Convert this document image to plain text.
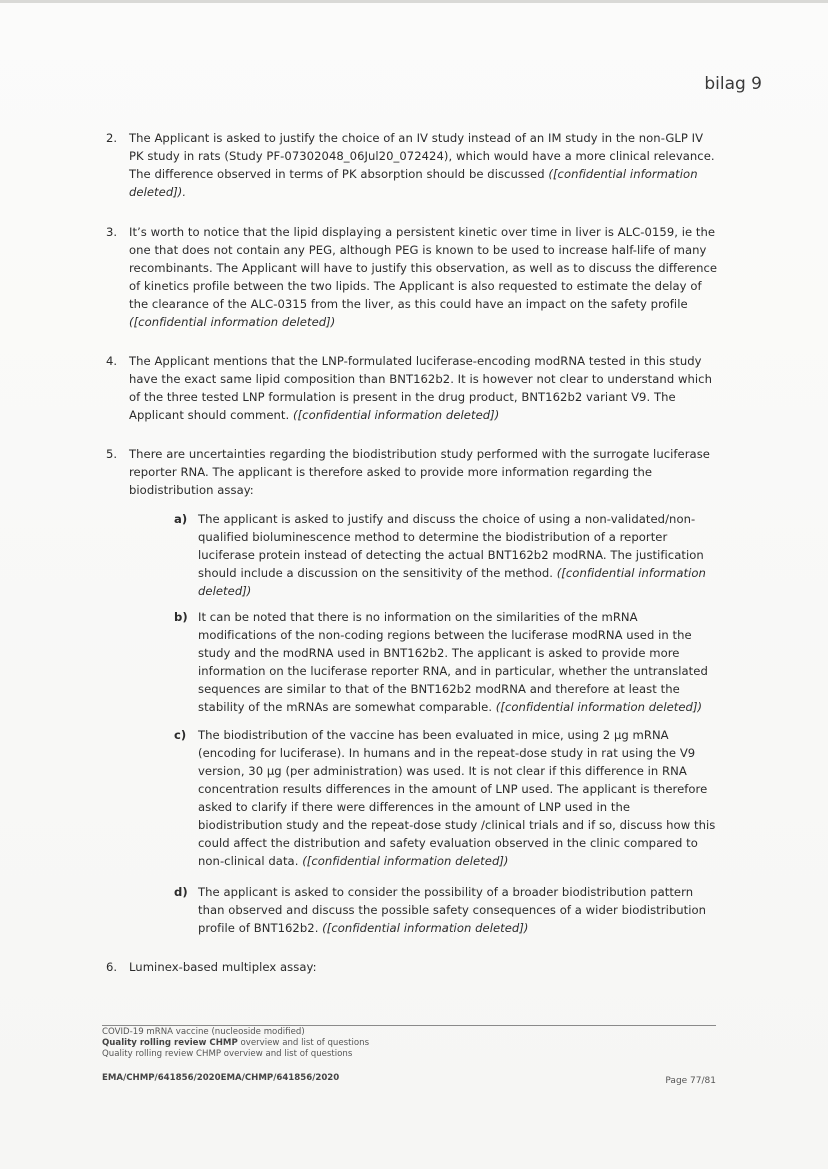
bilag 9
2. The Applicant is asked to justify the choice of an IV study instead of an IM study in the non-GLP IV PK study in rats (Study PF-07302048_06Jul20_072424), which would have a more clinical relevance. The difference observed in terms of PK absorption should be discussed ([confidential information deleted]).
3. It’s worth to notice that the lipid displaying a persistent kinetic over time in liver is ALC-0159, ie the one that does not contain any PEG, although PEG is known to be used to increase half-life of many recombinants. The Applicant will have to justify this observation, as well as to discuss the difference of kinetics profile between the two lipids. The Applicant is also requested to estimate the delay of the clearance of the ALC-0315 from the liver, as this could have an impact on the safety profile ([confidential information deleted])
4. The Applicant mentions that the LNP-formulated luciferase-encoding modRNA tested in this study have the exact same lipid composition than BNT162b2. It is however not clear to understand which of the three tested LNP formulation is present in the drug product, BNT162b2 variant V9. The Applicant should comment. ([confidential information deleted])
5. There are uncertainties regarding the biodistribution study performed with the surrogate luciferase reporter RNA. The applicant is therefore asked to provide more information regarding the biodistribution assay:
a) The applicant is asked to justify and discuss the choice of using a non-validated/non-qualified bioluminescence method to determine the biodistribution of a reporter luciferase protein instead of detecting the actual BNT162b2 modRNA. The justification should include a discussion on the sensitivity of the method. ([confidential information deleted])
b) It can be noted that there is no information on the similarities of the mRNA modifications of the non-coding regions between the luciferase modRNA used in the study and the modRNA used in BNT162b2. The applicant is asked to provide more information on the luciferase reporter RNA, and in particular, whether the untranslated sequences are similar to that of the BNT162b2 modRNA and therefore at least the stability of the mRNAs are somewhat comparable. ([confidential information deleted])
c) The biodistribution of the vaccine has been evaluated in mice, using 2 µg mRNA (encoding for luciferase). In humans and in the repeat-dose study in rat using the V9 version, 30 µg (per administration) was used. It is not clear if this difference in RNA concentration results differences in the amount of LNP used. The applicant is therefore asked to clarify if there were differences in the amount of LNP used in the biodistribution study and the repeat-dose study /clinical trials and if so, discuss how this could affect the distribution and safety evaluation observed in the clinic compared to non-clinical data. ([confidential information deleted])
d) The applicant is asked to consider the possibility of a broader biodistribution pattern than observed and discuss the possible safety consequences of a wider biodistribution profile of BNT162b2. ([confidential information deleted])
6. Luminex-based multiplex assay:
COVID-19 mRNA vaccine (nucleoside modified)
Quality rolling review CHMP overview and list of questions
Quality rolling review CHMP overview and list of questions
EMA/CHMP/641856/2020EMA/CHMP/641856/2020	Page 77/81
